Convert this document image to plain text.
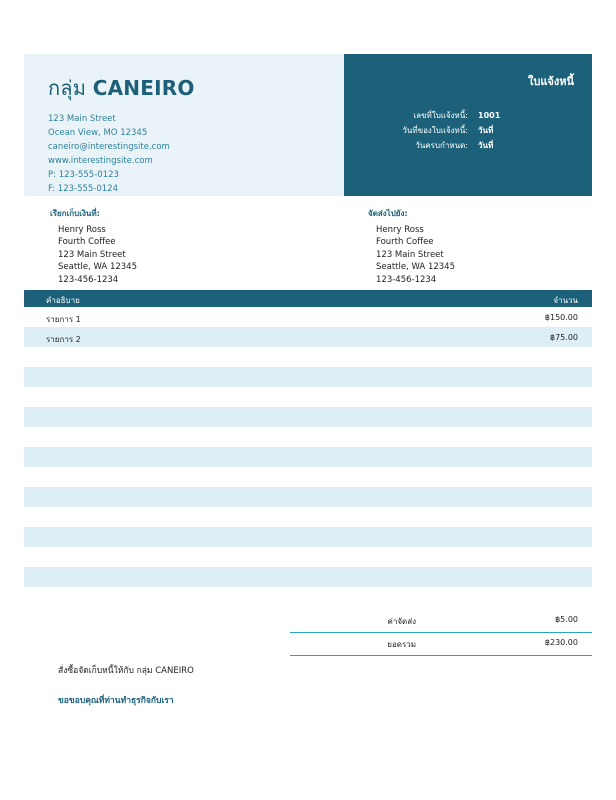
กลุ่ม CANEIRO
123 Main Street
Ocean View, MO 12345
caneiro@interestingsite.com
www.interestingsite.com
P: 123-555-0123
F: 123-555-0124
ใบแจ้งหนี้
เลขที่ใบแจ้งหนี้:	1001
วันที่ของใบแจ้งหนี้:	วันที่
วันครบกำหนด:	วันที่
เรียกเก็บเงินที่:
Henry Ross
Fourth Coffee
123 Main Street
Seattle, WA 12345
123-456-1234
จัดส่งไปยัง:
Henry Ross
Fourth Coffee
123 Main Street
Seattle, WA 12345
123-456-1234
คำอธิบาย	จำนวน
รายการ 1	฿150.00
รายการ 2	฿75.00
ค่าจัดส่ง	฿5.00
ยอดรวม	฿230.00
สั่งซื้อจัดเก็บหนี้ให้กับ กลุ่ม CANEIRO
ขอขอบคุณที่ท่านทำธุรกิจกับเรา
